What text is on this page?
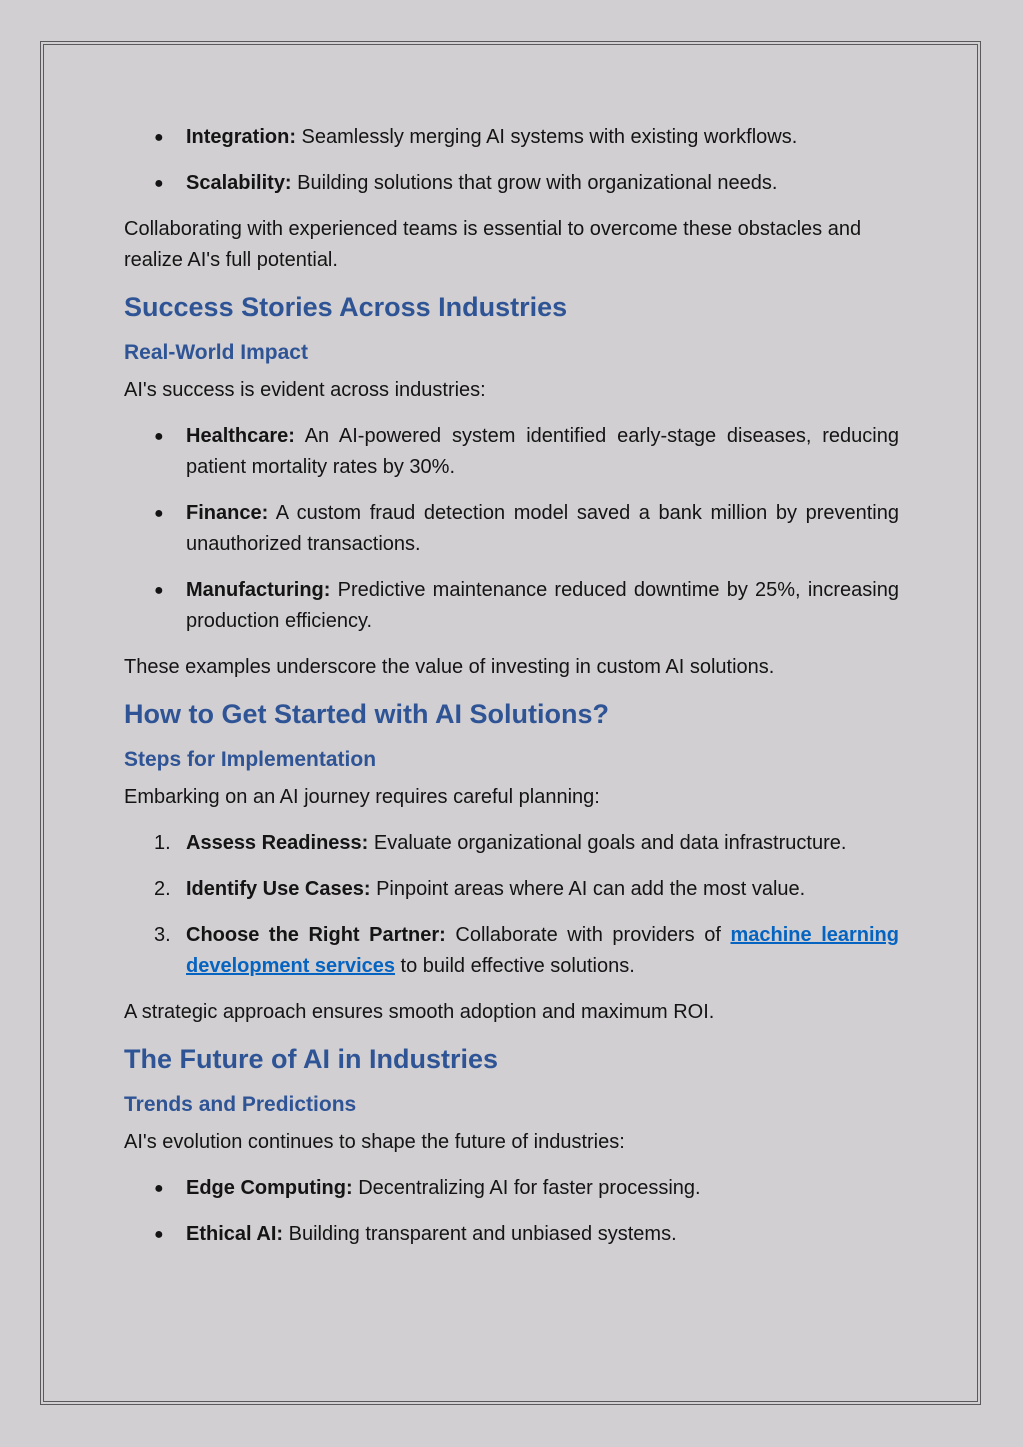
● Integration: Seamlessly merging AI systems with existing workflows.
● Scalability: Building solutions that grow with organizational needs.

Collaborating with experienced teams is essential to overcome these obstacles and realize AI's full potential.

Success Stories Across Industries
Real-World Impact

AI's success is evident across industries:

● Healthcare: An AI-powered system identified early-stage diseases, reducing patient mortality rates by 30%.
● Finance: A custom fraud detection model saved a bank million by preventing unauthorized transactions.
● Manufacturing: Predictive maintenance reduced downtime by 25%, increasing production efficiency.

These examples underscore the value of investing in custom AI solutions.

How to Get Started with AI Solutions?
Steps for Implementation

Embarking on an AI journey requires careful planning:

1. Assess Readiness: Evaluate organizational goals and data infrastructure.
2. Identify Use Cases: Pinpoint areas where AI can add the most value.
3. Choose the Right Partner: Collaborate with providers of machine learning development services to build effective solutions.

A strategic approach ensures smooth adoption and maximum ROI.

The Future of AI in Industries
Trends and Predictions

AI's evolution continues to shape the future of industries:

● Edge Computing: Decentralizing AI for faster processing.
● Ethical AI: Building transparent and unbiased systems.
